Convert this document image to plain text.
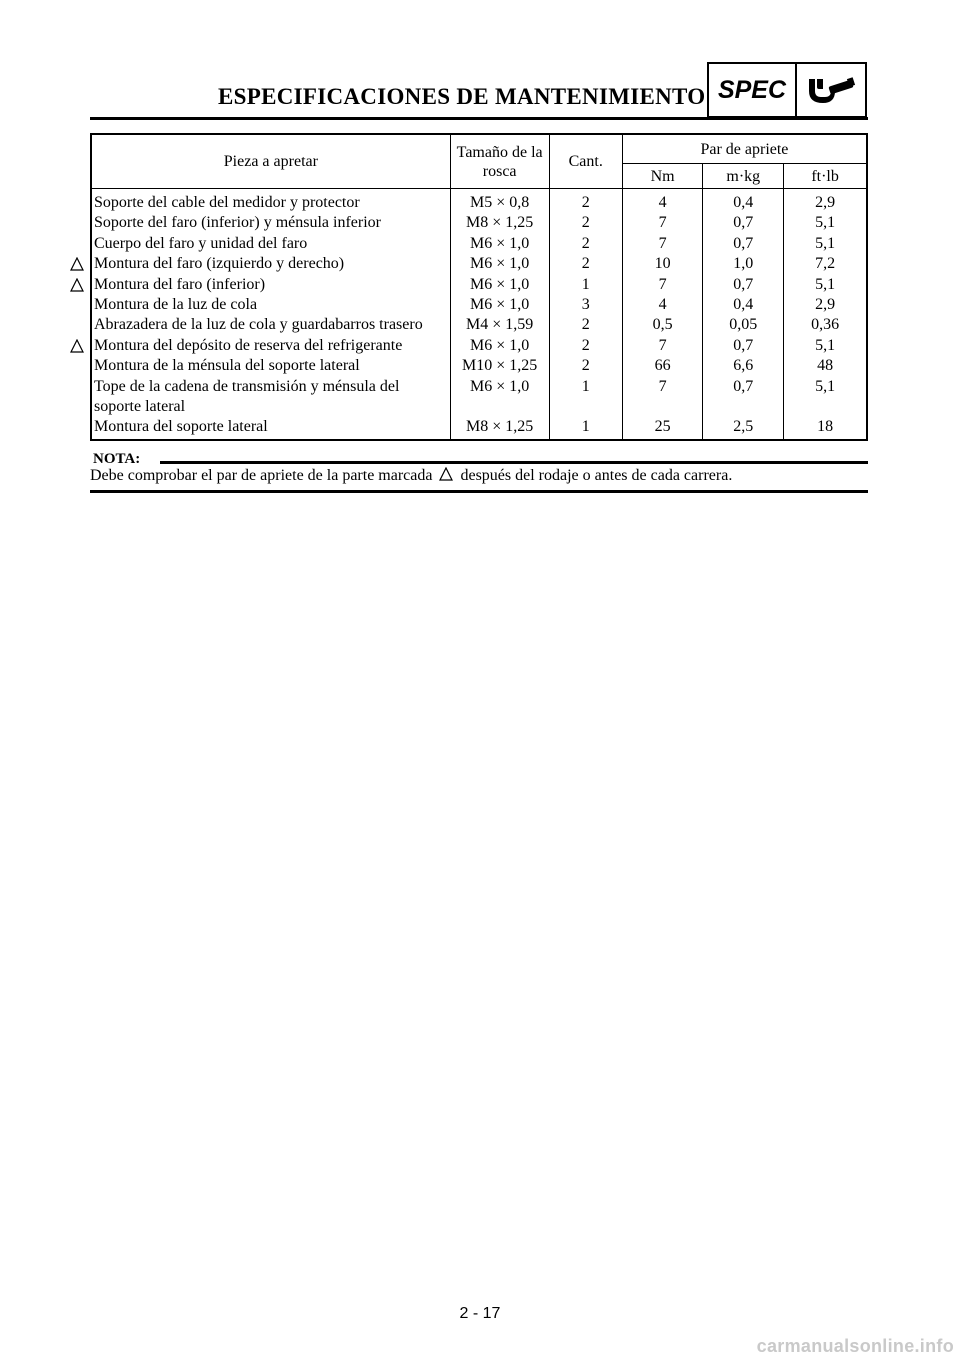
ESPECIFICACIONES DE MANTENIMIENTO SPEC
Pieza a apretar	Tamaño de la rosca	Cant.	Par de apriete		
			Nm	m·kg	ft·lb
Soporte del cable del medidor y protector	M5 × 0,8	2	4	0,4	2,9
Soporte del faro (inferior) y ménsula inferior	M8 × 1,25	2	7	0,7	5,1
Cuerpo del faro y unidad del faro	M6 × 1,0	2	7	0,7	5,1
Montura del faro (izquierdo y derecho)	M6 × 1,0	2	10	1,0	7,2
Montura del faro (inferior)	M6 × 1,0	1	7	0,7	5,1
Montura de la luz de cola	M6 × 1,0	3	4	0,4	2,9
Abrazadera de la luz de cola y guardabarros trasero	M4 × 1,59	2	0,5	0,05	0,36
Montura del depósito de reserva del refrigerante	M6 × 1,0	2	7	0,7	5,1
Montura de la ménsula del soporte lateral	M10 × 1,25	2	66	6,6	48
Tope de la cadena de transmisión y ménsula del soporte lateral	M6 × 1,0	1	7	0,7	5,1
Montura del soporte lateral	M8 × 1,25	1	25	2,5	18
NOTA:
Debe comprobar el par de apriete de la parte marcada después del rodaje o antes de cada carrera.
2 - 17
carmanualsonline.info
